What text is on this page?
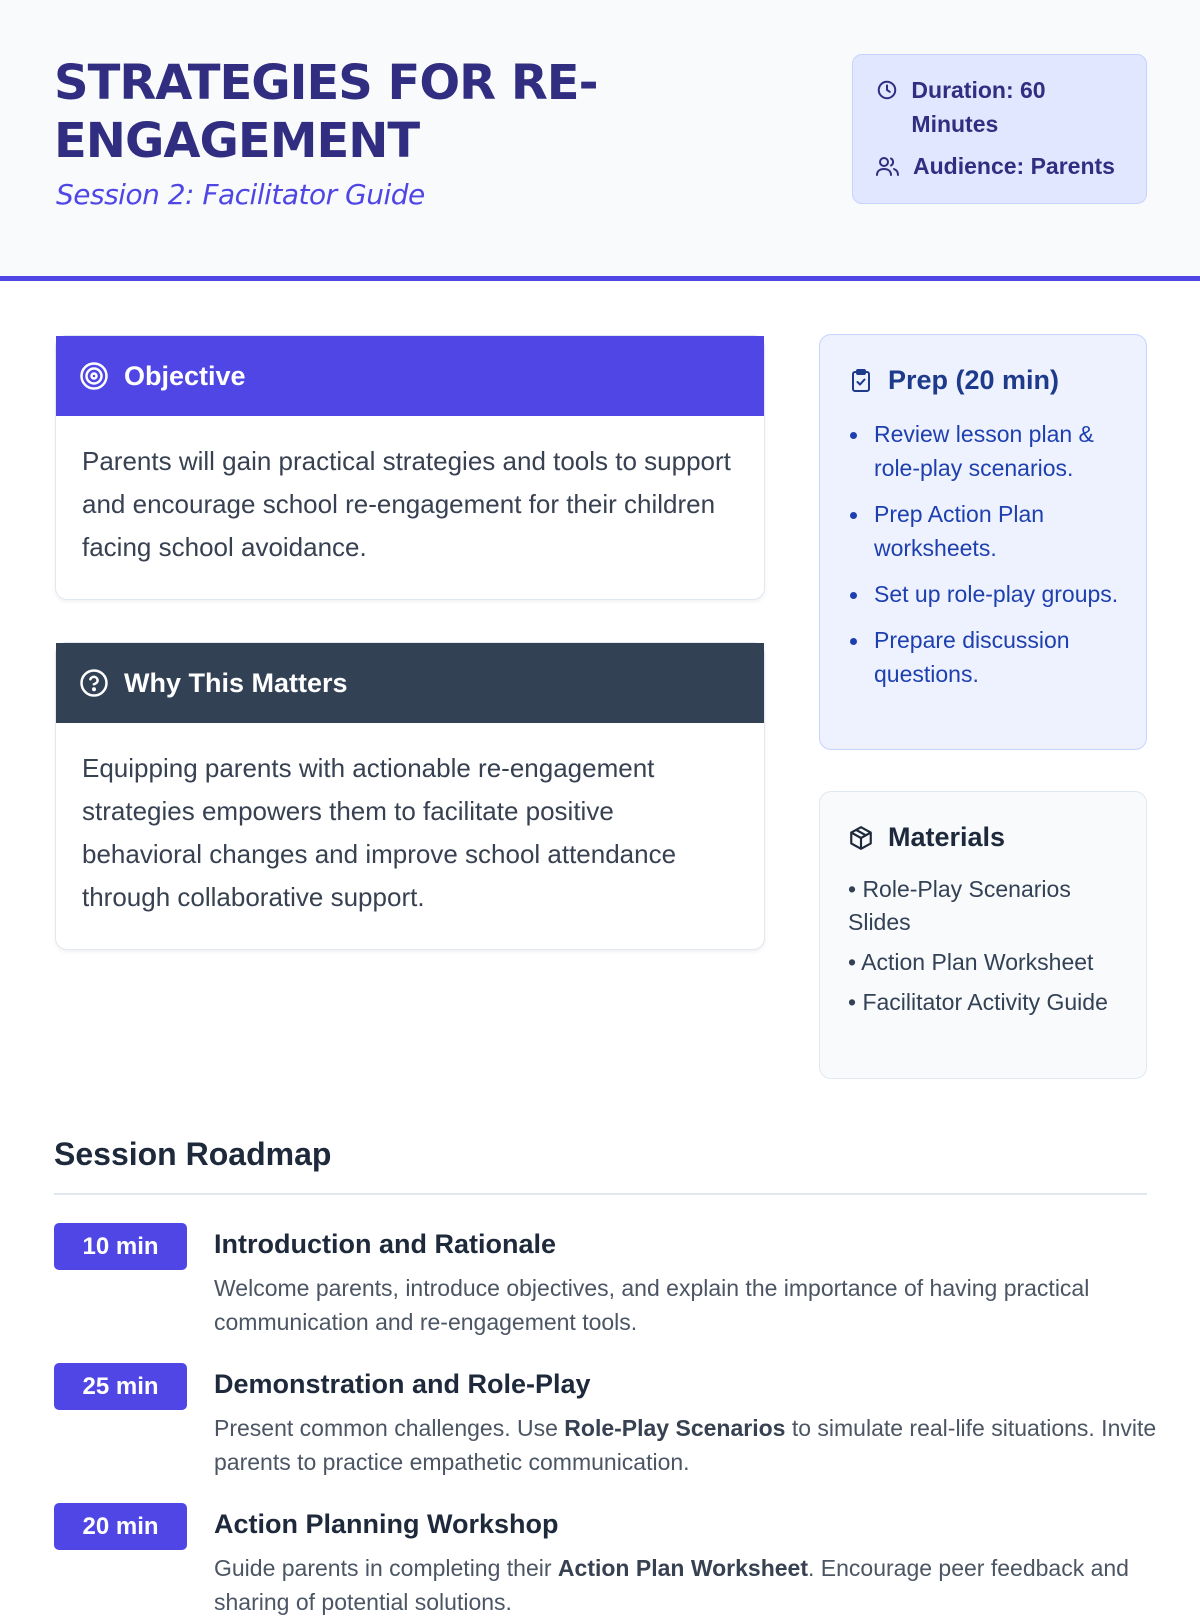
STRATEGIES FOR RE-ENGAGEMENT
Session 2: Facilitator Guide
Duration: 60 Minutes
Audience: Parents
Objective

Parents will gain practical strategies and tools to support and encourage school re-engagement for their children facing school avoidance.

Why This Matters

Equipping parents with actionable re-engagement strategies empowers them to facilitate positive behavioral changes and improve school attendance through collaborative support.

Prep (20 min)
Review lesson plan & role-play scenarios.
Prep Action Plan worksheets.
Set up role-play groups.
Prepare discussion questions.
Materials
• Role-Play Scenarios Slides
• Action Plan Worksheet
• Facilitator Activity Guide
Session Roadmap
10 min	Introduction and Rationale
Welcome parents, introduce objectives, and explain the importance of having practical communication and re-engagement tools.
25 min	Demonstration and Role-Play
Present common challenges. Use Role-Play Scenarios to simulate real-life situations. Invite parents to practice empathetic communication.
20 min	Action Planning Workshop
Guide parents in completing their Action Plan Worksheet. Encourage peer feedback and sharing of potential solutions.
